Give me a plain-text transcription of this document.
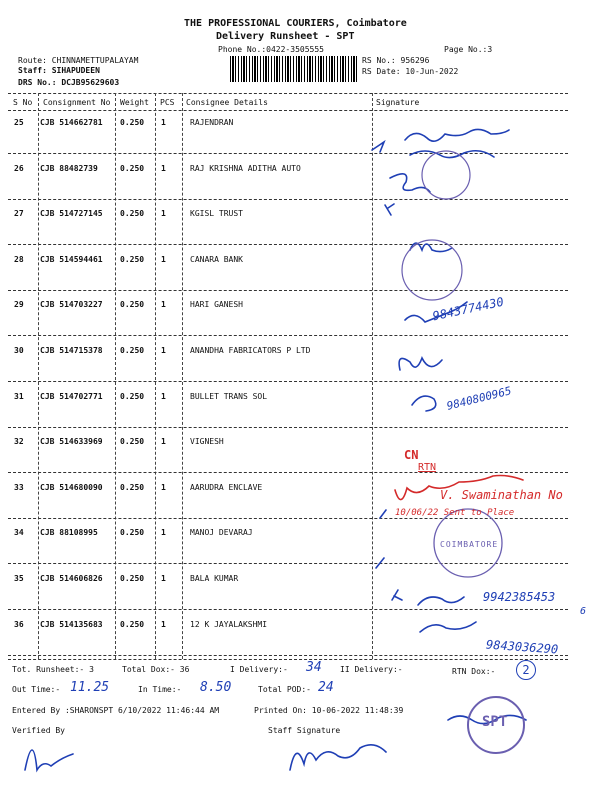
THE PROFESSIONAL COURIERS, Coimbatore
Delivery Runsheet - SPT
Phone No.:0422-3505555	Page No.:3
Route: CHINNAMETTUPALAYAM
Staff: SIHAPUDEEN
DRS No.: DCJB95629603
RS No.: 956296
RS Date: 10-Jun-2022
S No Consignment No Weight PCS Consignee Details	Signature
25 CJB 514662781 0.250 1	RAJENDRAN
26 CJB 88482739	0.250 1	RAJ KRISHNA ADITHA AUTO
27 CJB 514727145 0.250 1	KGISL TRUST
28 CJB 514594461 0.250 1	CANARA BANK
29 CJB 514703227 0.250 1	HARI GANESH
30 CJB 514715378 0.250 1	ANANDHA FABRICATORS P LTD
31 CJB 514702771 0.250 1	BULLET TRANS SOL
32 CJB 514633969 0.250 1	VIGNESH
33 CJB 514680090 0.250 1	AARUDRA ENCLAVE
34 CJB 88108995	0.250 1	MANOJ DEVARAJ
35 CJB 514606826 0.250 1	BALA KUMAR
36 CJB 514135683 0.250 1	12 K JAYALAKSHMI
9843774430
9840800965
CN
RTN
V. Swaminathan No
10/06/22 Sent to Place
9942385453
6
9843036290
COIMBATORE
SPT
Tot. Runsheet:- 3	Total Dox:- 36	I Delivery:- 34 II Delivery:-	RTN Dox:-	2
Out Time:- 11.25	In Time:- 8.50	Total POD:- 24
Entered By :SHARONSPT 6/10/2022 11:46:44 AM	Printed On: 10-06-2022 11:48:39
Verified By	Staff Signature
